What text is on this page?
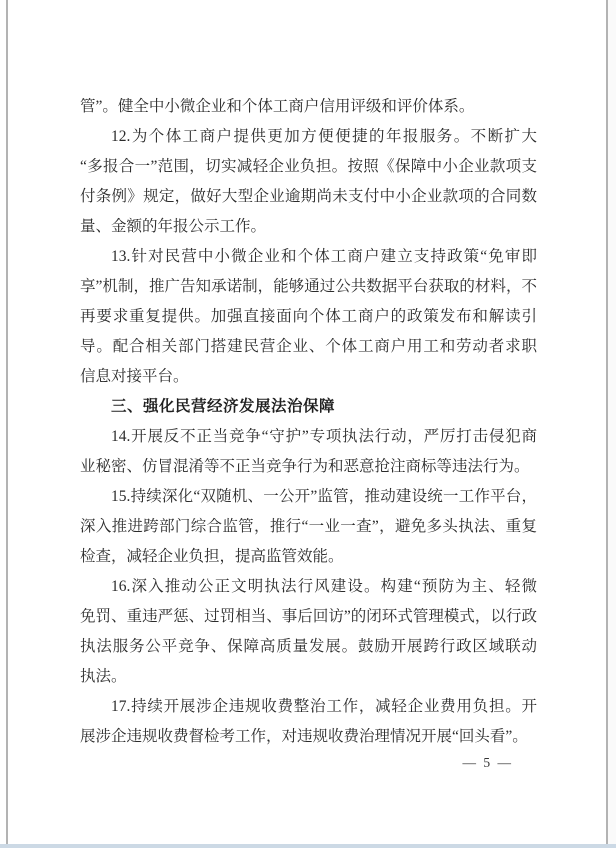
管”。健全中小微企业和个体工商户信用评级和评价体系。
12.为个体工商户提供更加方便便捷的年报服务。不断扩大
“多报合一”范围，切实减轻企业负担。按照《保障中小企业款项支
付条例》规定，做好大型企业逾期尚未支付中小企业款项的合同数
量、金额的年报公示工作。
13.针对民营中小微企业和个体工商户建立支持政策“免审即
享”机制，推广告知承诺制，能够通过公共数据平台获取的材料，不
再要求重复提供。加强直接面向个体工商户的政策发布和解读引
导。配合相关部门搭建民营企业、个体工商户用工和劳动者求职
信息对接平台。
三、强化民营经济发展法治保障
14.开展反不正当竞争“守护”专项执法行动，严厉打击侵犯商
业秘密、仿冒混淆等不正当竞争行为和恶意抢注商标等违法行为。
15.持续深化“双随机、一公开”监管，推动建设统一工作平台，
深入推进跨部门综合监管，推行“一业一查”，避免多头执法、重复
检查，减轻企业负担，提高监管效能。
16.深入推动公正文明执法行风建设。构建“预防为主、轻微
免罚、重违严惩、过罚相当、事后回访”的闭环式管理模式，以行政
执法服务公平竞争、保障高质量发展。鼓励开展跨行政区域联动
执法。
17.持续开展涉企违规收费整治工作，减轻企业费用负担。开
展涉企违规收费督检考工作，对违规收费治理情况开展“回头看”。
— 5 —
